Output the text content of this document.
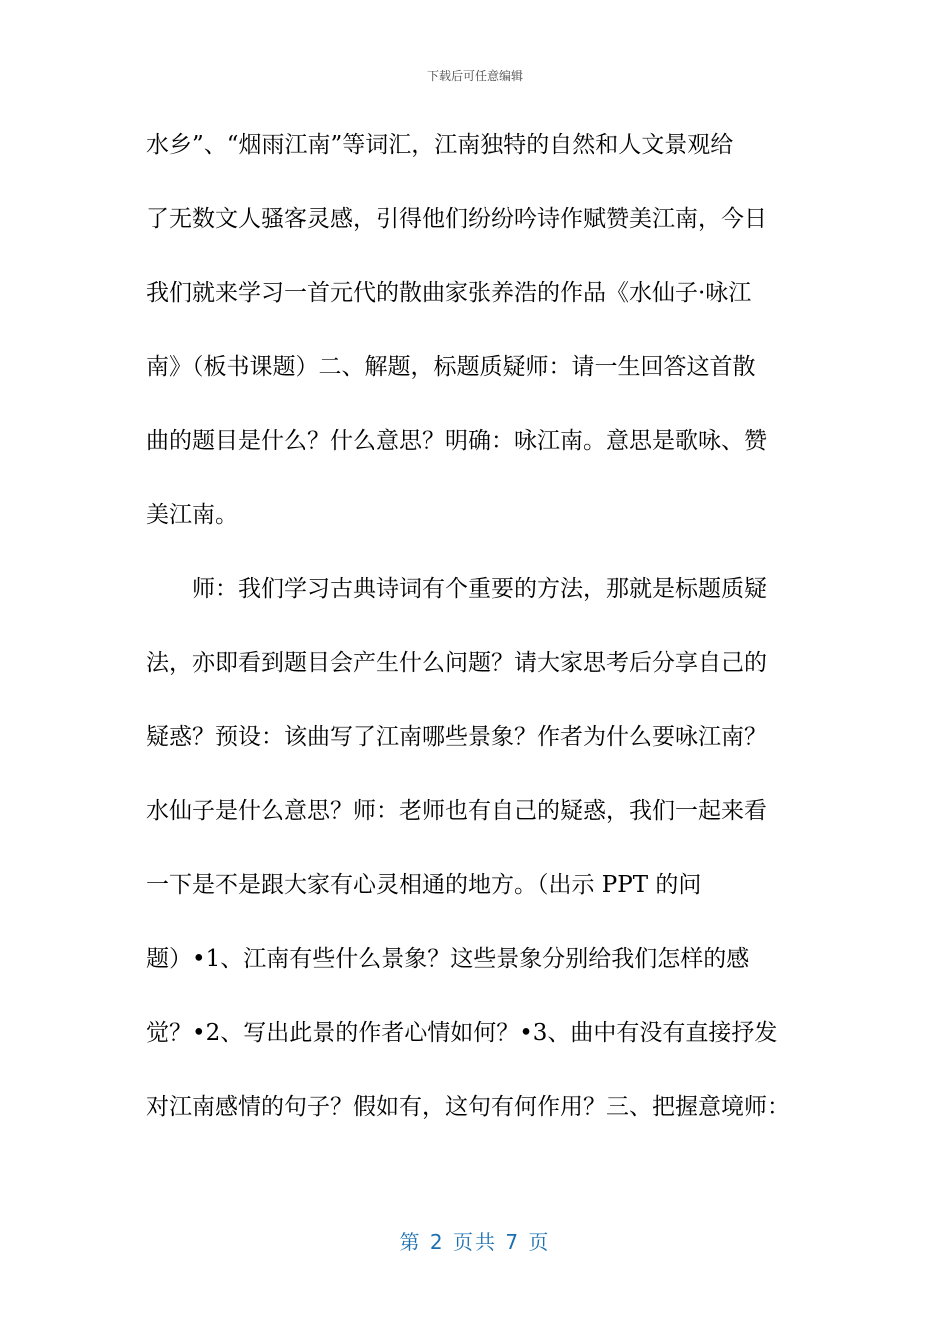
下载后可任意编辑
水乡”、“烟雨江南”等词汇，江南独特的自然和人文景观给
了无数文人骚客灵感，引得他们纷纷吟诗作赋赞美江南，今日
我们就来学习一首元代的散曲家张养浩的作品《水仙子·咏江
南》（板书课题）二、解题，标题质疑师：请一生回答这首散
曲的题目是什么？什么意思？明确：咏江南。意思是歌咏、赞
美江南。
师：我们学习古典诗词有个重要的方法，那就是标题质疑
法，亦即看到题目会产生什么问题？请大家思考后分享自己的
疑惑？预设：该曲写了江南哪些景象？作者为什么要咏江南？
水仙子是什么意思？师：老师也有自己的疑惑，我们一起来看
一下是不是跟大家有心灵相通的地方。（出示 PPT 的问
题）•1、江南有些什么景象？这些景象分别给我们怎样的感
觉？•2、写出此景的作者心情如何？•3、曲中有没有直接抒发
对江南感情的句子？假如有，这句有何作用？三、把握意境师：
第 2 页共 7 页
